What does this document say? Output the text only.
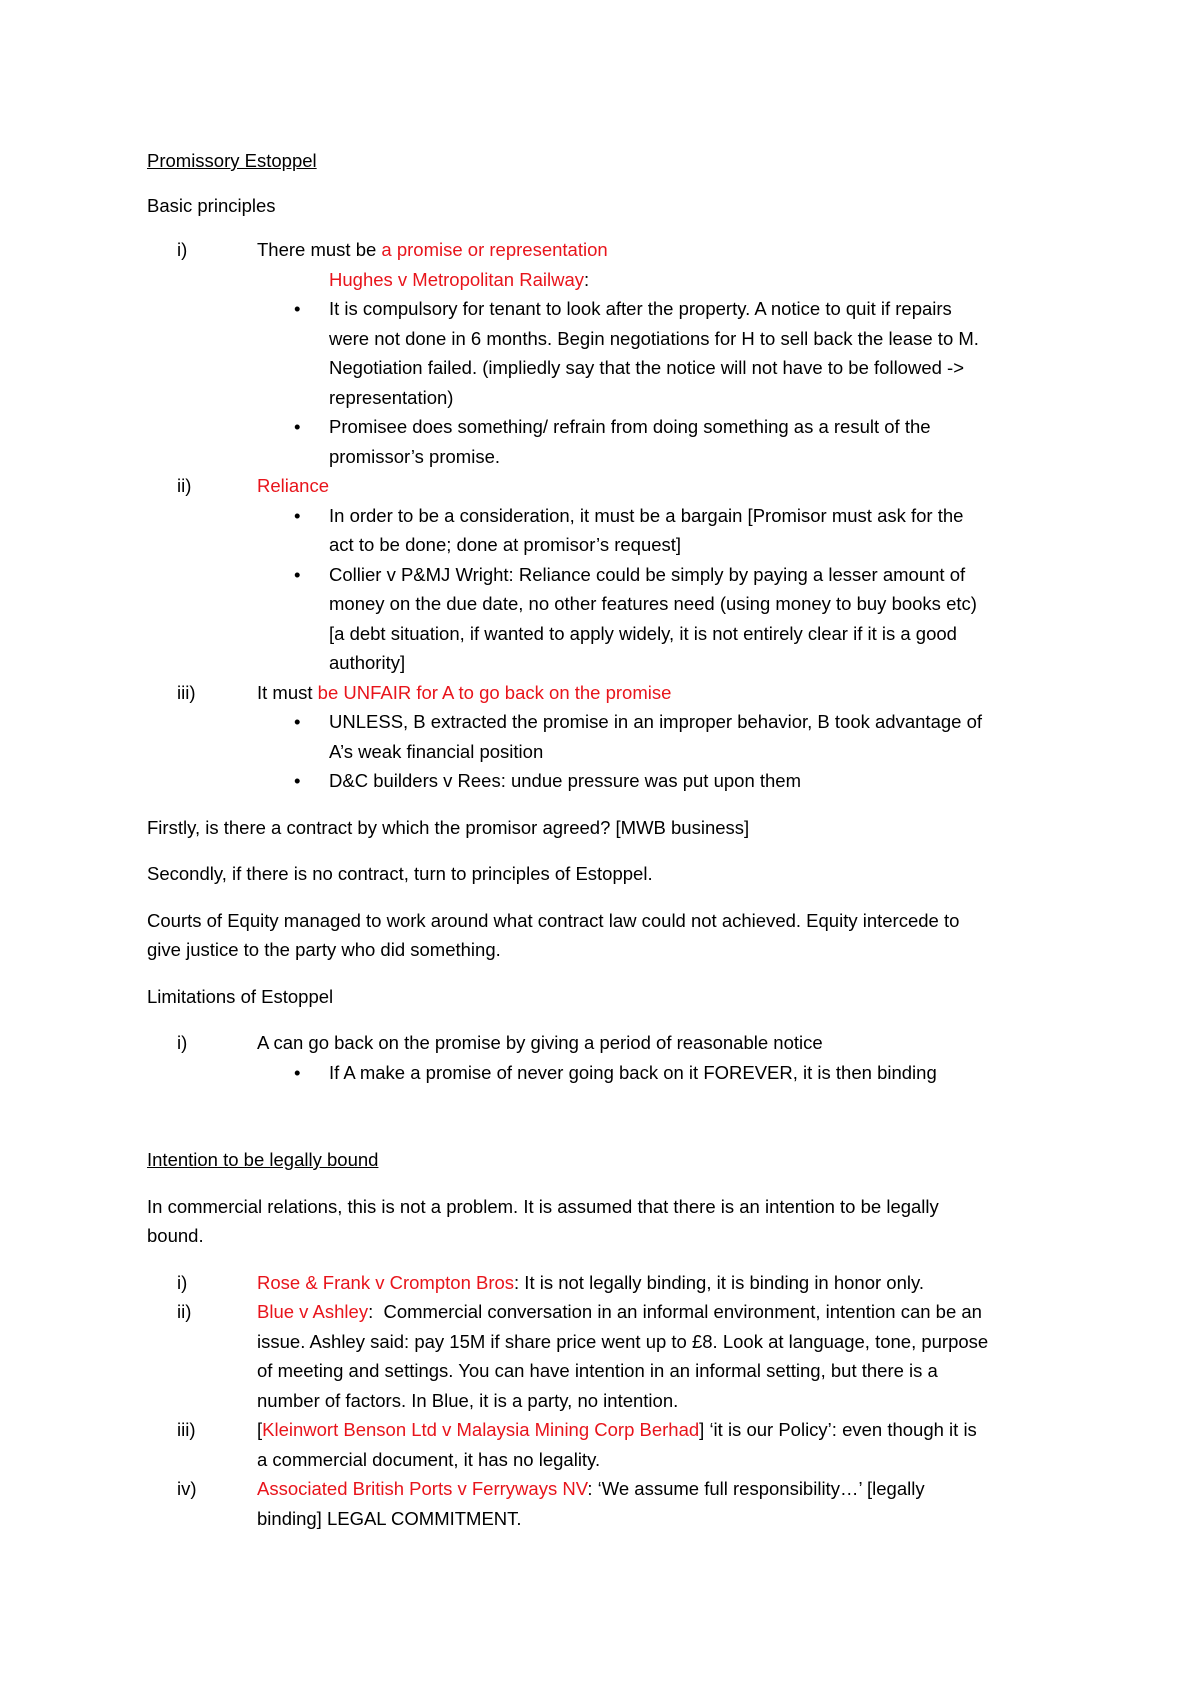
Promissory Estoppel
Basic principles
i)	There must be a promise or representation
Hughes v Metropolitan Railway:
• It is compulsory for tenant to look after the property. A notice to quit if repairs
were not done in 6 months. Begin negotiations for H to sell back the lease to M.
Negotiation failed. (impliedly say that the notice will not have to be followed ->
representation)
• Promisee does something/ refrain from doing something as a result of the
promissor’s promise.
ii)	Reliance
• In order to be a consideration, it must be a bargain [Promisor must ask for the
act to be done; done at promisor’s request]
• Collier v P&MJ Wright: Reliance could be simply by paying a lesser amount of
money on the due date, no other features need (using money to buy books etc)
[a debt situation, if wanted to apply widely, it is not entirely clear if it is a good
authority]
iii)	It must be UNFAIR for A to go back on the promise
• UNLESS, B extracted the promise in an improper behavior, B took advantage of
A’s weak financial position
• D&C builders v Rees: undue pressure was put upon them
Firstly, is there a contract by which the promisor agreed? [MWB business]
Secondly, if there is no contract, turn to principles of Estoppel.
Courts of Equity managed to work around what contract law could not achieved. Equity intercede to
give justice to the party who did something.
Limitations of Estoppel
i)	A can go back on the promise by giving a period of reasonable notice
• If A make a promise of never going back on it FOREVER, it is then binding
Intention to be legally bound
In commercial relations, this is not a problem. It is assumed that there is an intention to be legally
bound.
i)	Rose & Frank v Crompton Bros: It is not legally binding, it is binding in honor only.
ii)	Blue v Ashley:  Commercial conversation in an informal environment, intention can be an
issue. Ashley said: pay 15M if share price went up to £8. Look at language, tone, purpose
of meeting and settings. You can have intention in an informal setting, but there is a
number of factors. In Blue, it is a party, no intention.
iii)	[Kleinwort Benson Ltd v Malaysia Mining Corp Berhad] ‘it is our Policy’: even though it is
a commercial document, it has no legality.
iv)	Associated British Ports v Ferryways NV: ‘We assume full responsibility…’ [legally
binding] LEGAL COMMITMENT.
